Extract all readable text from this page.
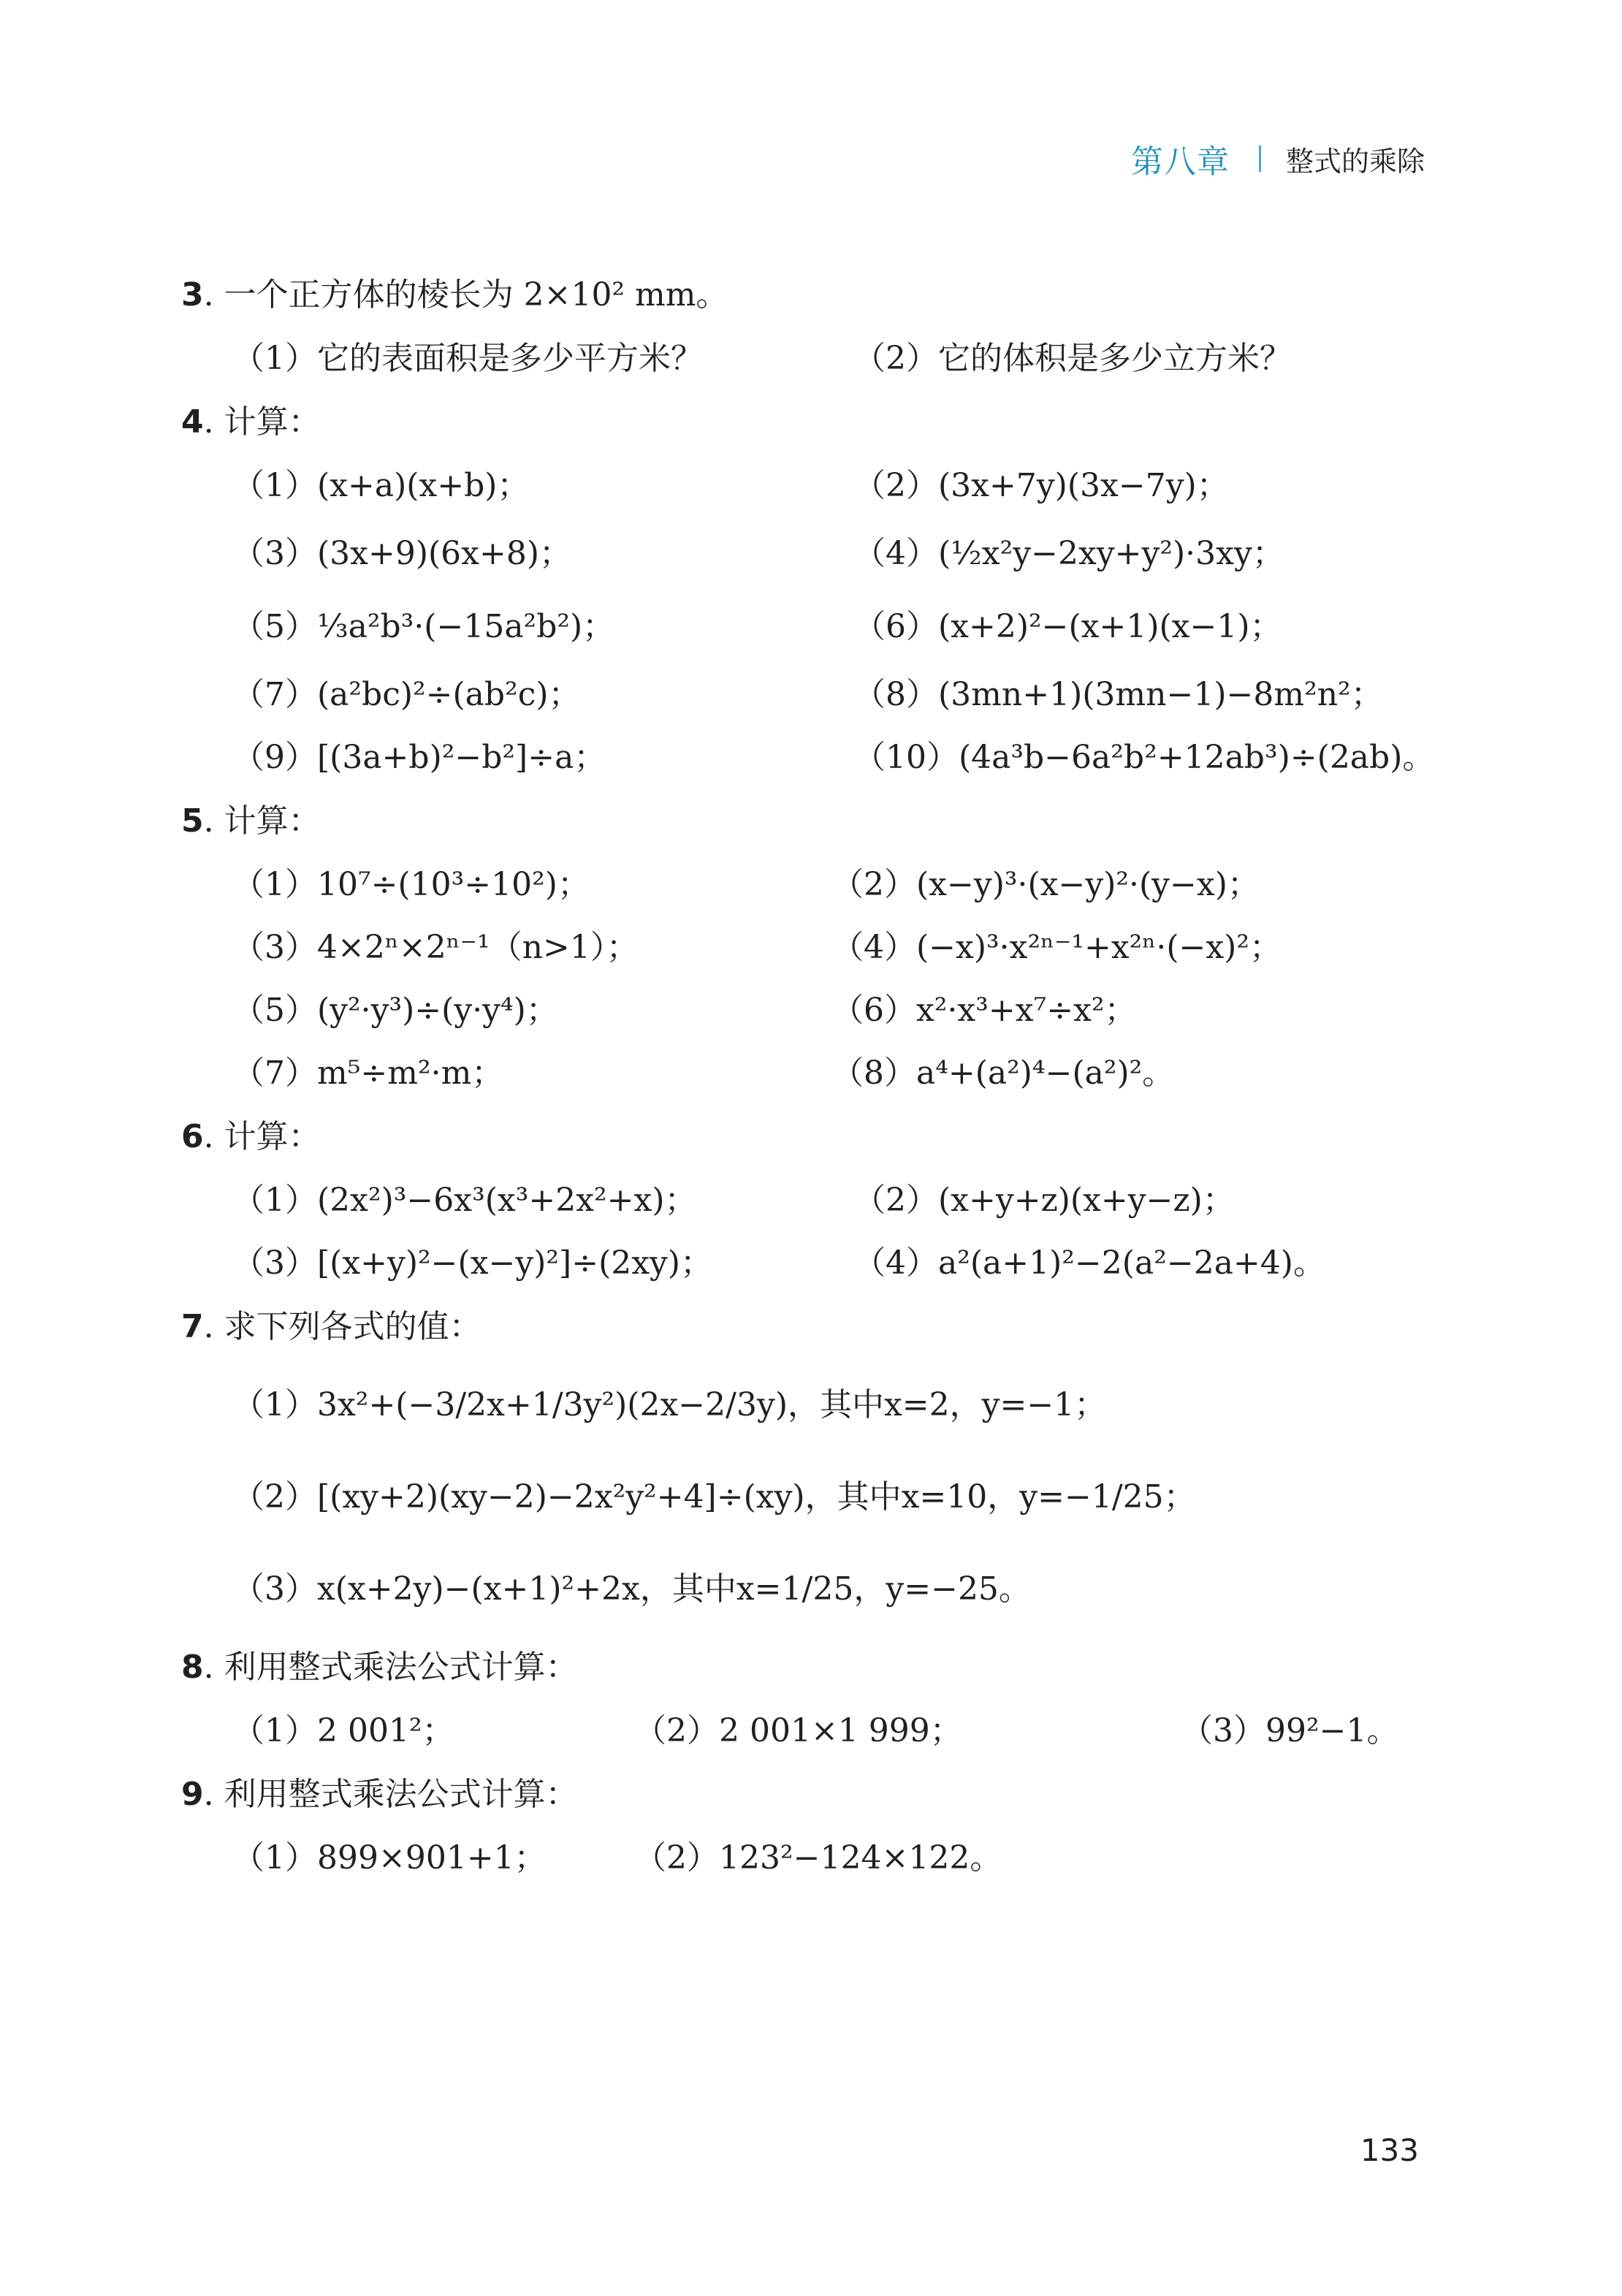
第八章 整式的乘除
3. 一个正方体的棱长为 2×10² mm。
（1）它的表面积是多少平方米？	（2）它的体积是多少立方米？
4. 计算：
（1）(x+a)(x+b)；	（2）(3x+7y)(3x−7y)；
（3）(3x+9)(6x+8)；	（4）(½x²y−2xy+y²)·3xy；
（5）⅓a²b³·(−15a²b²)；	（6）(x+2)²−(x+1)(x−1)；
（7）(a²bc)²÷(ab²c)；	（8）(3mn+1)(3mn−1)−8m²n²；
（9）[(3a+b)²−b²]÷a；	（10）(4a³b−6a²b²+12ab³)÷(2ab)。
5. 计算：
（1）10⁷÷(10³÷10²)；	（2）(x−y)³·(x−y)²·(y−x)；
（3）4×2ⁿ×2ⁿ⁻¹（n>1）；	（4）(−x)³·x²ⁿ⁻¹+x²ⁿ·(−x)²；
（5）(y²·y³)÷(y·y⁴)；	（6）x²·x³+x⁷÷x²；
（7）m⁵÷m²·m；	（8）a⁴+(a²)⁴−(a²)²。
6. 计算：
（1）(2x²)³−6x³(x³+2x²+x)；	（2）(x+y+z)(x+y−z)；
（3）[(x+y)²−(x−y)²]÷(2xy)；	（4）a²(a+1)²−2(a²−2a+4)。
7. 求下列各式的值：
（1）3x²+(−3/2x+1/3y²)(2x−2/3y)，其中x=2，y=−1；
（2）[(xy+2)(xy−2)−2x²y²+4]÷(xy)，其中x=10，y=−1/25；
（3）x(x+2y)−(x+1)²+2x，其中x=1/25，y=−25。
8. 利用整式乘法公式计算：
（1）2 001²；	（2）2 001×1 999；	（3）99²−1。
9. 利用整式乘法公式计算：
（1）899×901+1；	（2）123²−124×122。
133
